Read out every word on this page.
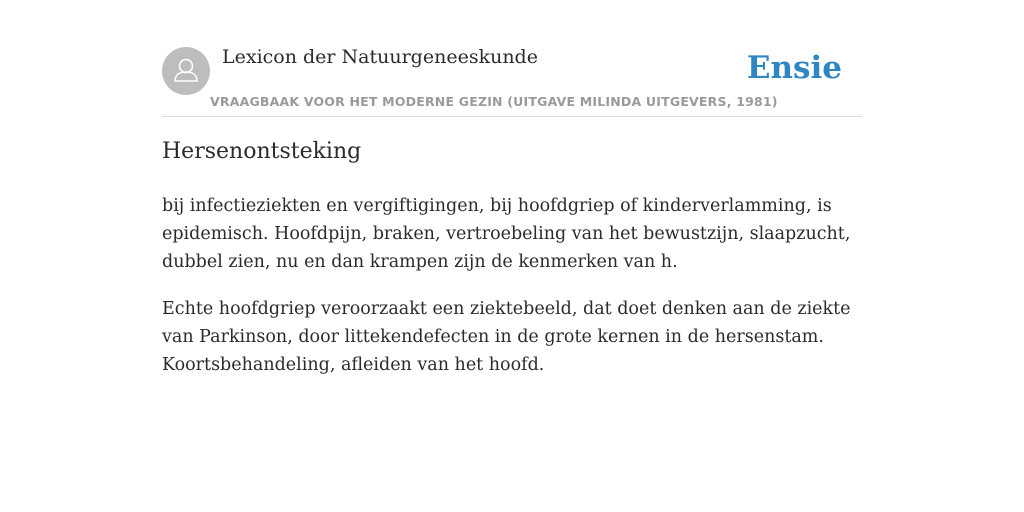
Lexicon der Natuurgeneeskunde
VRAAGBAAK VOOR HET MODERNE GEZIN (UITGAVE MILINDA UITGEVERS, 1981)
Ensie
Hersenontsteking

bij infectieziekten en vergiftigingen, bij hoofdgriep of kinderverlamming, is epidemisch. Hoofdpijn, braken, vertroebeling van het bewustzijn, slaapzucht, dubbel zien, nu en dan krampen zijn de kenmerken van h.

Echte hoofdgriep veroorzaakt een ziektebeeld, dat doet denken aan de ziekte van Parkinson, door littekendefecten in de grote kernen in de hersenstam. Koortsbehandeling, afleiden van het hoofd.
